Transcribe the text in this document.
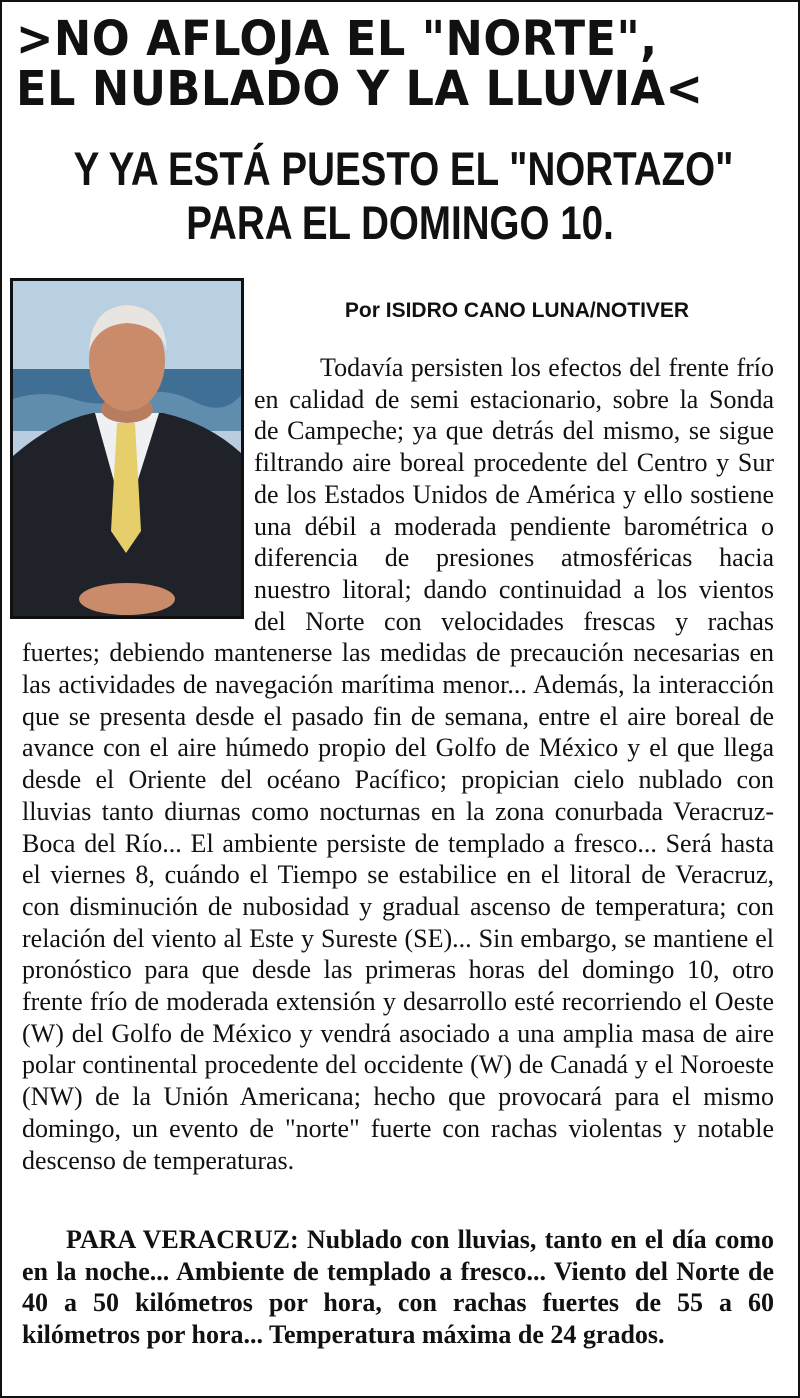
>NO AFLOJA EL "NORTE",
EL NUBLADO Y LA LLUVIA<
Y YA ESTÁ PUESTO EL "NORTAZO"
PARA EL DOMINGO 10.

Por ISIDRO CANO LUNA/NOTIVER

Todavía persisten los efectos del frente frío en calidad de semi estacionario, sobre la Sonda de Campeche; ya que detrás del mismo, se sigue filtrando aire boreal procedente del Centro y Sur de los Estados Unidos de América y ello sostiene una débil a moderada pendiente barométrica o diferencia de presiones atmosféricas hacia nuestro litoral; dando continuidad a los vientos del Norte con velocidades frescas y rachas fuertes; debiendo mantenerse las medidas de precaución necesarias en las actividades de navegación marítima menor... Además, la interacción que se presenta desde el pasado fin de semana, entre el aire boreal de avance con el aire húmedo propio del Golfo de México y el que llega desde el Oriente del océano Pacífico; propician cielo nublado con lluvias tanto diurnas como nocturnas en la zona conurbada Veracruz-Boca del Río... El ambiente persiste de templado a fresco... Será hasta el viernes 8, cuándo el Tiempo se estabilice en el litoral de Veracruz, con disminución de nubosidad y gradual ascenso de temperatura; con relación del viento al Este y Sureste (SE)... Sin embargo, se mantiene el pronóstico para que desde las primeras horas del domingo 10, otro frente frío de moderada extensión y desarrollo esté recorriendo el Oeste (W) del Golfo de México y vendrá asociado a una amplia masa de aire polar continental procedente del occidente (W) de Canadá y el Noroeste (NW) de la Unión Americana; hecho que provocará para el mismo domingo, un evento de "norte" fuerte con rachas violentas y notable descenso de temperaturas.

PARA VERACRUZ: Nublado con lluvias, tanto en el día como en la noche... Ambiente de templado a fresco... Viento del Norte de 40 a 50 kilómetros por hora, con rachas fuertes de 55 a 60 kilómetros por hora... Temperatura máxima de 24 grados.
